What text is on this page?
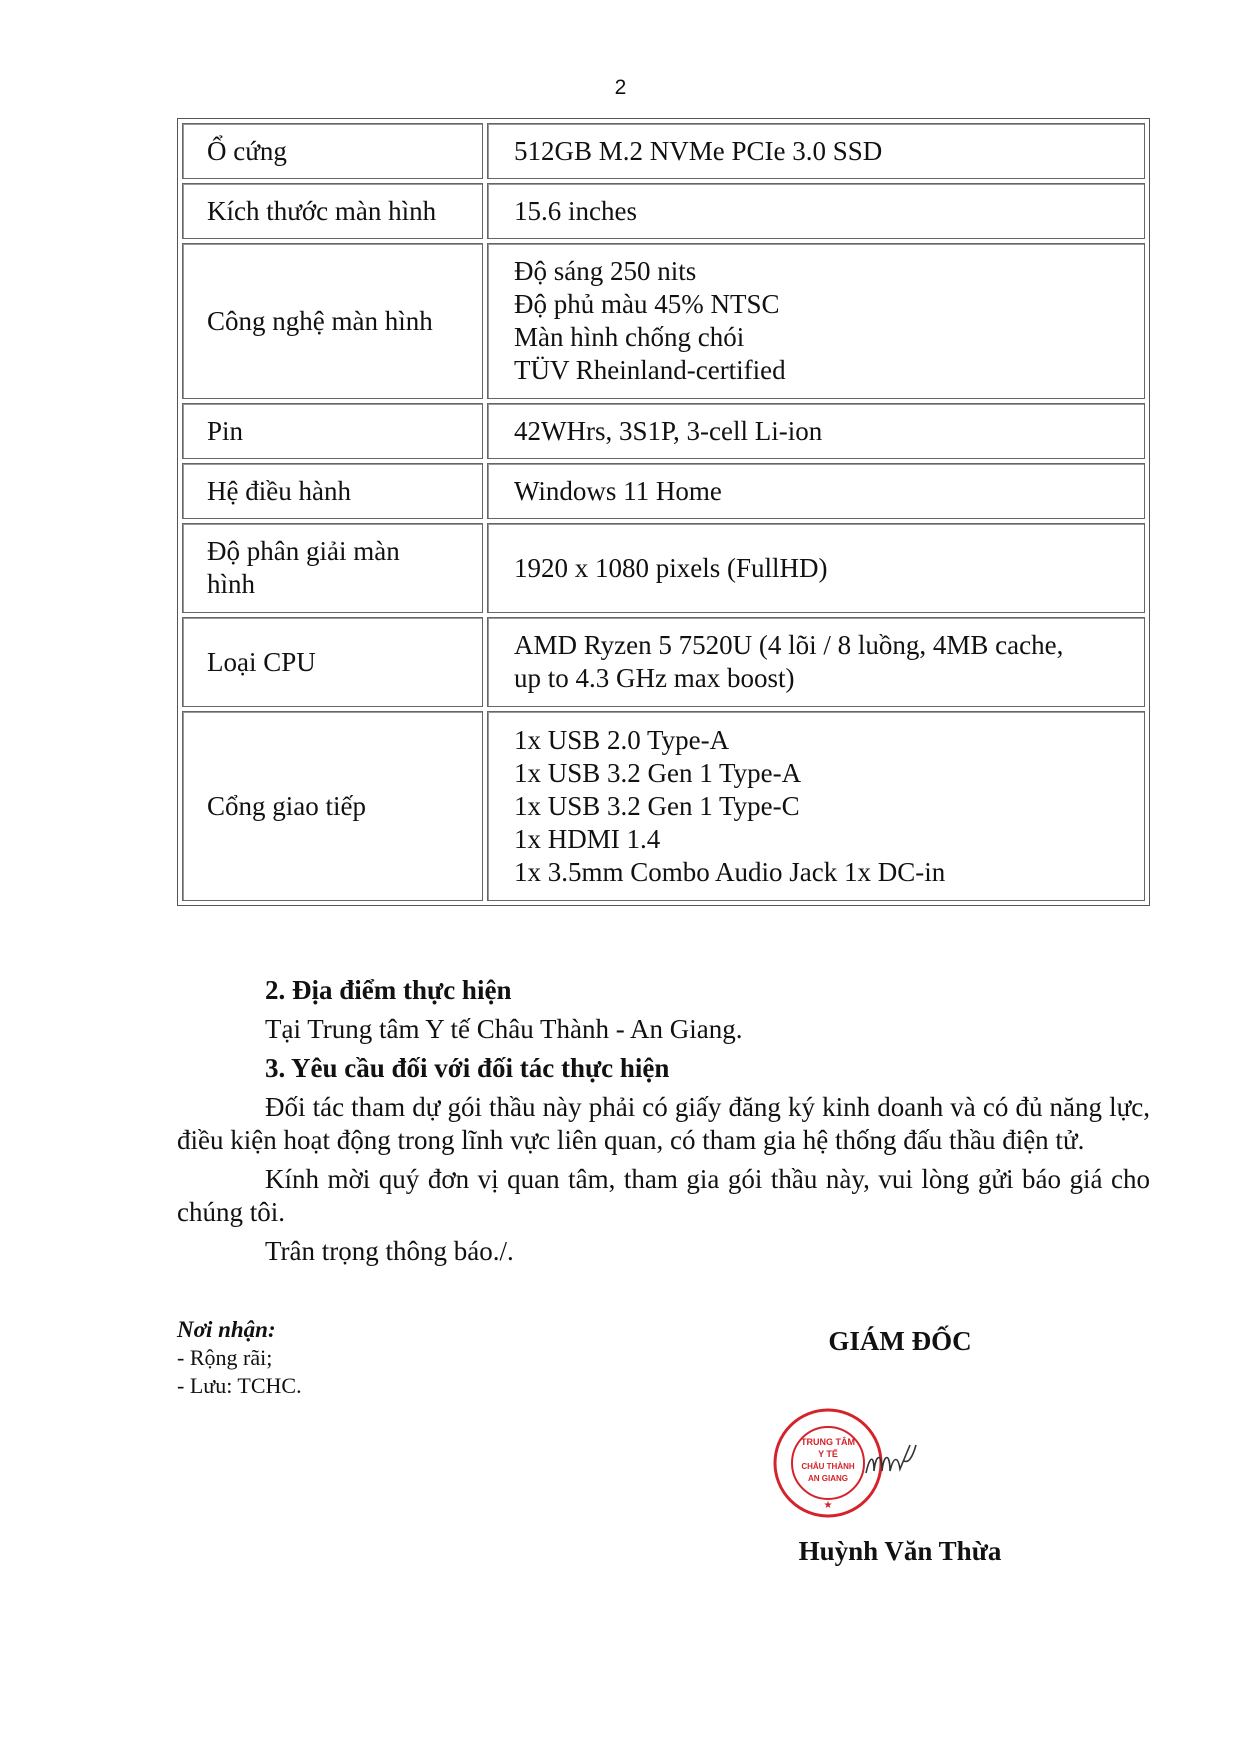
2
Ổ cứng	512GB M.2 NVMe PCIe 3.0 SSD

Kích thước màn hình	15.6 inches

Công nghệ màn hình	Độ sáng 250 nits
Độ phủ màu 45% NTSC
Màn hình chống chói
TÜV Rheinland-certified

Pin	42WHrs, 3S1P, 3-cell Li-ion

Hệ điều hành	Windows 11 Home

Độ phân giải màn
hình	1920 x 1080 pixels (FullHD)

Loại CPU	AMD Ryzen 5 7520U (4 lõi / 8 luồng, 4MB cache,
up to 4.3 GHz max boost)

Cổng giao tiếp	1x USB 2.0 Type-A
1x USB 3.2 Gen 1 Type-A
1x USB 3.2 Gen 1 Type-C
1x HDMI 1.4
1x 3.5mm Combo Audio Jack 1x DC-in
2. Địa điểm thực hiện
Tại Trung tâm Y tế Châu Thành - An Giang.
3. Yêu cầu đối với đối tác thực hiện
Đối tác tham dự gói thầu này phải có giấy đăng ký kinh doanh và có đủ năng lực, điều kiện hoạt động trong lĩnh vực liên quan, có tham gia hệ thống đấu thầu điện tử.
Kính mời quý đơn vị quan tâm, tham gia gói thầu này, vui lòng gửi báo giá cho chúng tôi.
Trân trọng thông báo./.
Nơi nhận:
- Rộng rãi;
- Lưu: TCHC.
GIÁM ĐỐC
TRUNG TÂM
Y TẾ
CHÂU THÀNH
AN GIANG
★
Huỳnh Văn Thừa
